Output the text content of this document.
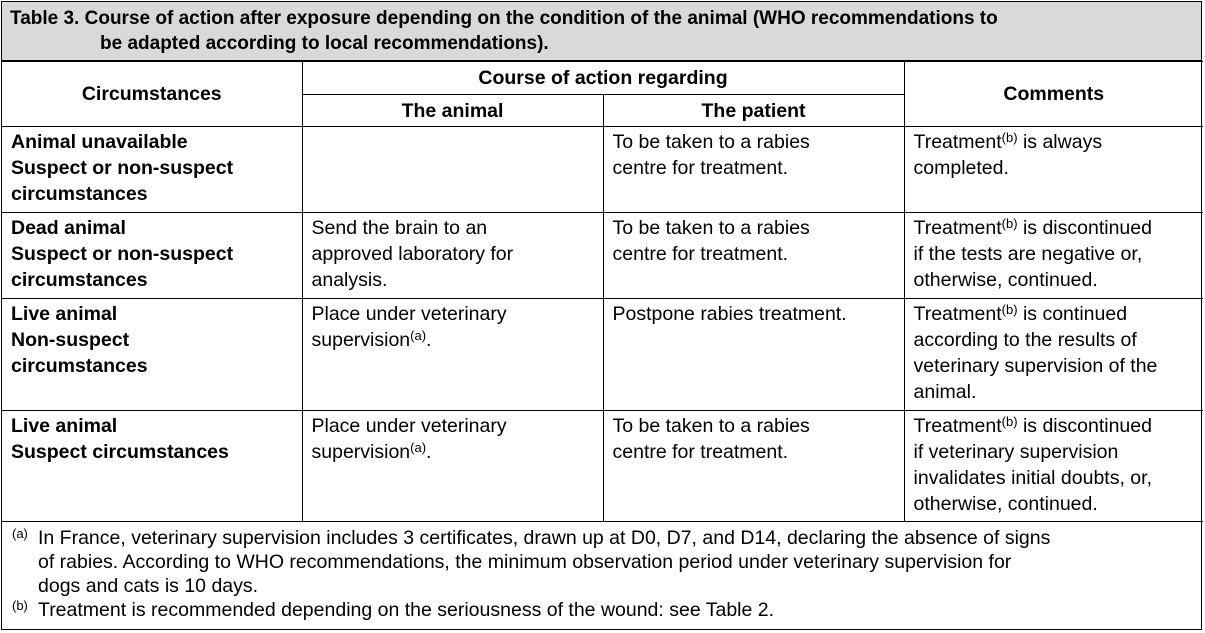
Table 3. Course of action after exposure depending on the condition of the animal (WHO recommendations to
be adapted according to local recommendations).
Circumstances	Course of action regarding		Comments
	The animal	The patient	

Animal unavailable
Suspect or non-suspect
circumstances		To be taken to a rabies
centre for treatment.	Treatment$^{(b)}$ is always
completed.

Dead animal
Suspect or non-suspect
circumstances	Send the brain to an
approved laboratory for
analysis.	To be taken to a rabies
centre for treatment.	Treatment$^{(b)}$ is discontinued
if the tests are negative or,
otherwise, continued.

Live animal
Non-suspect
circumstances	Place under veterinary
supervision$^{(a)}$.	Postpone rabies treatment.	Treatment$^{(b)}$ is continued
according to the results of
veterinary supervision of the
animal.

Live animal
Suspect circumstances	Place under veterinary
supervision$^{(a)}$.	To be taken to a rabies
centre for treatment.	Treatment$^{(b)}$ is discontinued
if veterinary supervision
invalidates initial doubts, or,
otherwise, continued.
$^{(a)}$ In France, veterinary supervision includes 3 certificates, drawn up at D0, D7, and D14, declaring the absence of signs
of rabies. According to WHO recommendations, the minimum observation period under veterinary supervision for
dogs and cats is 10 days.
$^{(b)}$ Treatment is recommended depending on the seriousness of the wound: see Table 2.
